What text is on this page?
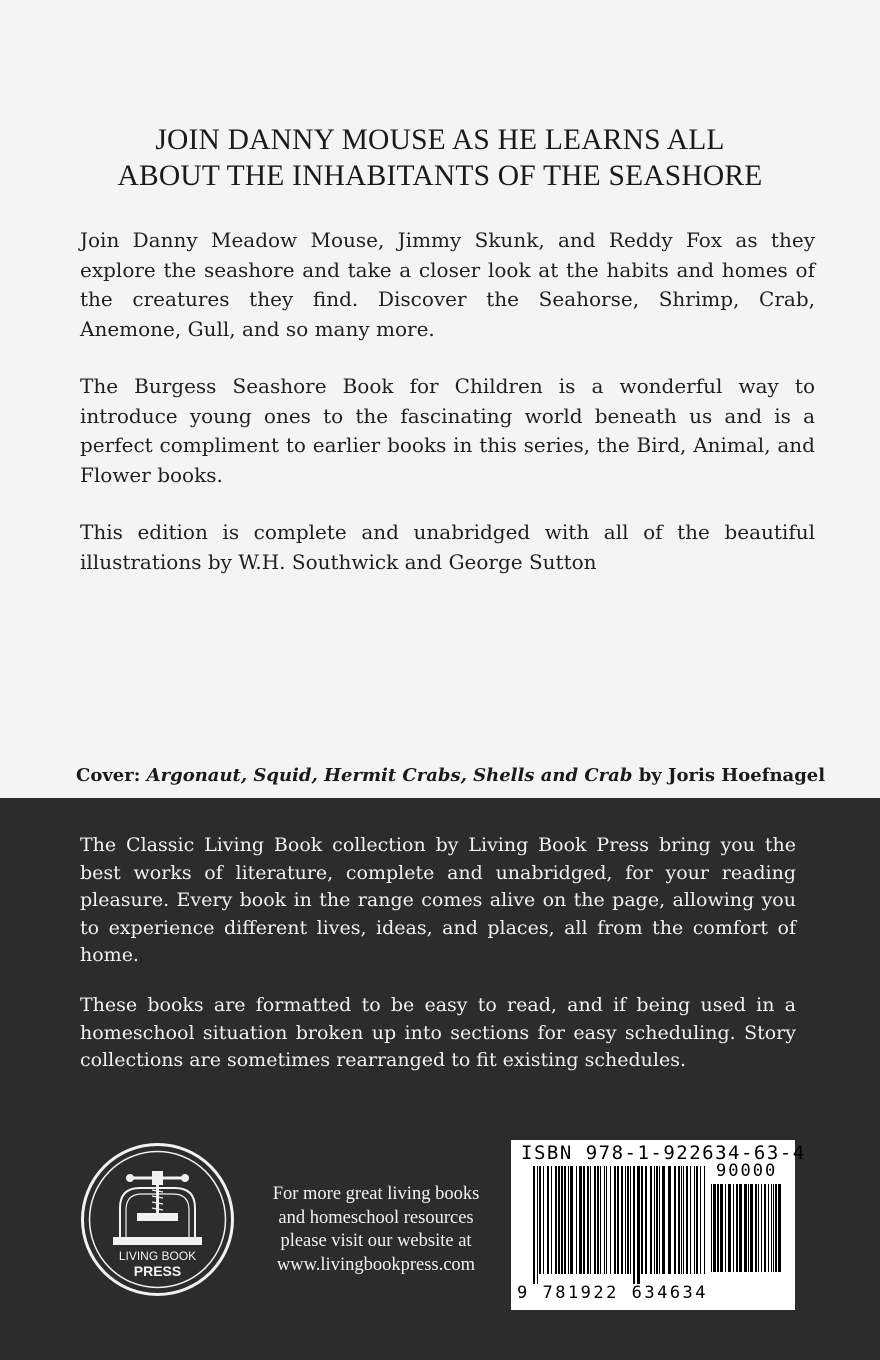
JOIN DANNY MOUSE AS HE LEARNS ALL
ABOUT THE INHABITANTS OF THE SEASHORE
Join Danny Meadow Mouse, Jimmy Skunk, and Reddy Fox as they explore the seashore and take a closer look at the habits and homes of the creatures they find. Discover the Seahorse, Shrimp, Crab, Anemone, Gull, and so many more.
The Burgess Seashore Book for Children is a wonderful way to introduce young ones to the fascinating world beneath us and is a perfect compliment to earlier books in this series, the Bird, Animal, and Flower books.
This edition is complete and unabridged with all of the beautiful illustrations by W.H. Southwick and George Sutton
Cover: Argonaut, Squid, Hermit Crabs, Shells and Crab by Joris Hoefnagel
The Classic Living Book collection by Living Book Press bring you the best works of literature, complete and unabridged, for your reading pleasure. Every book in the range comes alive on the page, allowing you to experience different lives, ideas, and places, all from the comfort of home.
These books are formatted to be easy to read, and if being used in a homeschool situation broken up into sections for easy scheduling. Story collections are sometimes rearranged to fit existing schedules.
LIVING BOOK
PRESS
For more great living books
and homeschool resources
please visit our website at
www.livingbookpress.com
ISBN 978-1-922634-63-4
90000
9 781922 634634
